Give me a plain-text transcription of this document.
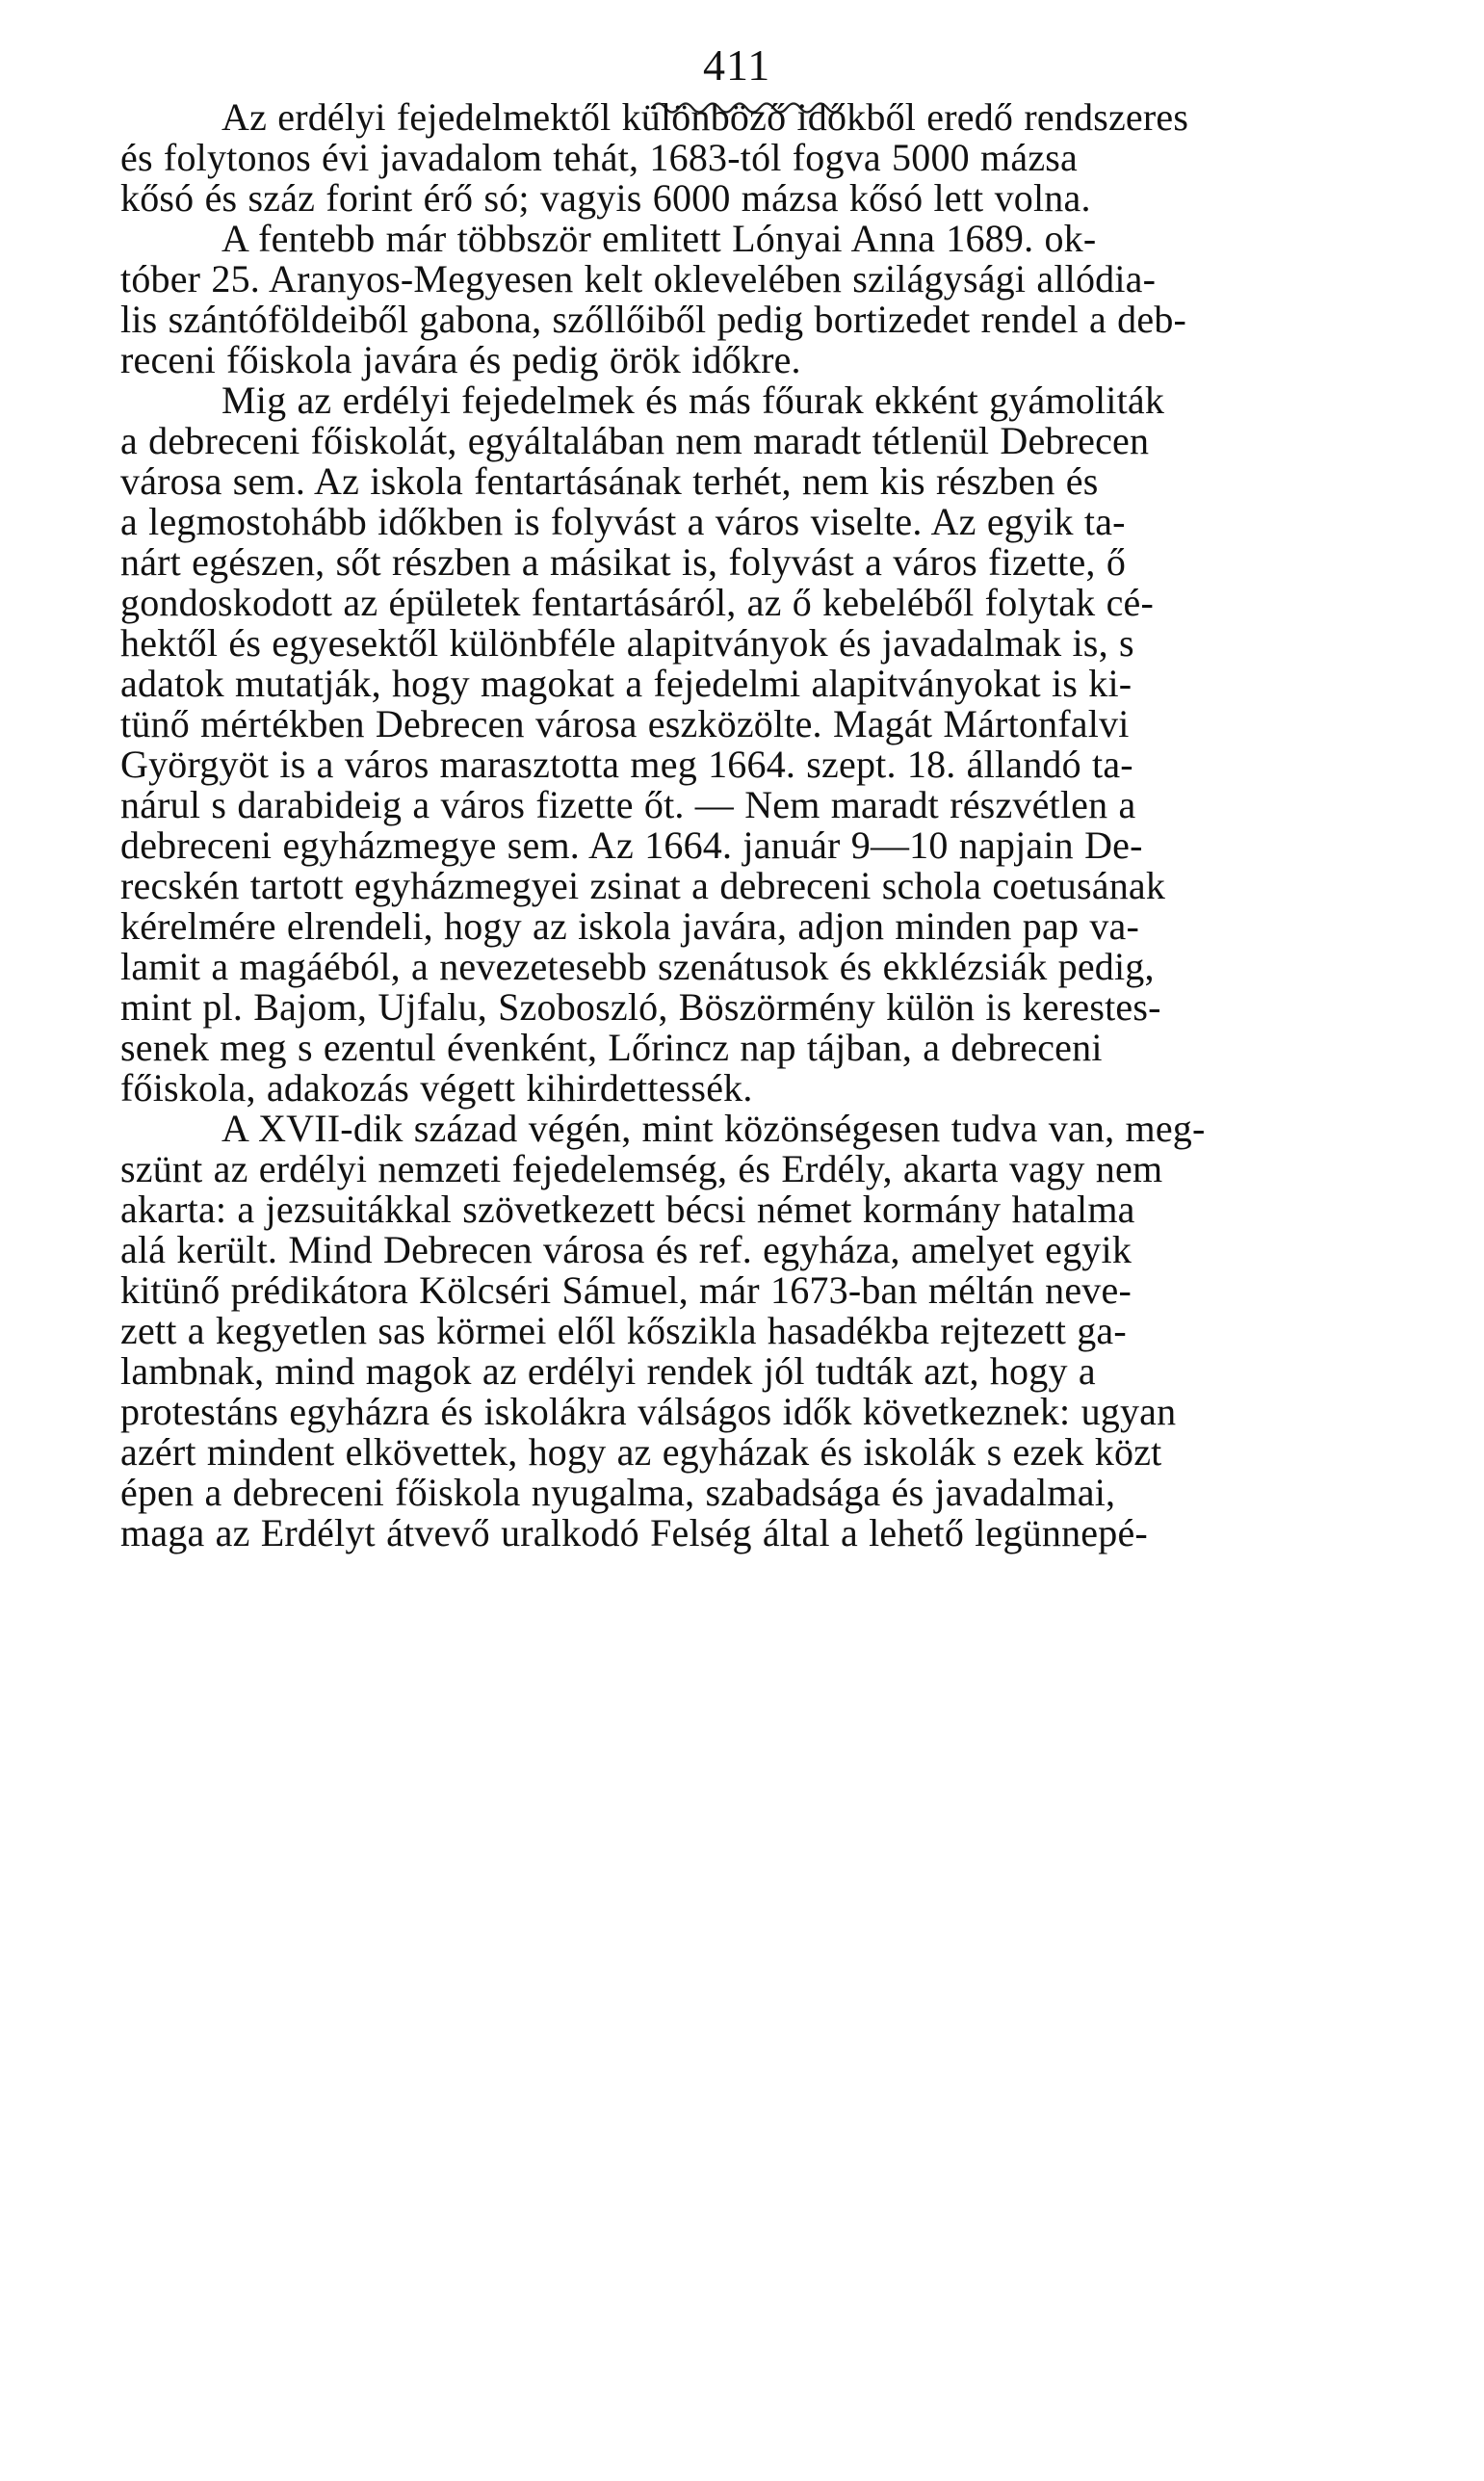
411
Az erdélyi fejedelmektől különböző időkből eredő rendszeres
és folytonos évi javadalom tehát, 1683-tól fogva 5000 mázsa
kősó és száz forint érő só; vagyis 6000 mázsa kősó lett volna.
A fentebb már többször emlitett Lónyai Anna 1689. ok-
tóber 25. Aranyos-Megyesen kelt oklevelében szilágysági allódia-
lis szántóföldeiből gabona, szőllőiből pedig bortizedet rendel a deb-
receni főiskola javára és pedig örök időkre.
Mig az erdélyi fejedelmek és más főurak ekként gyámoliták
a debreceni főiskolát, egyáltalában nem maradt tétlenül Debrecen
városa sem. Az iskola fentartásának terhét, nem kis részben és
a legmostohább időkben is folyvást a város viselte. Az egyik ta-
nárt egészen, sőt részben a másikat is, folyvást a város fizette, ő
gondoskodott az épületek fentartásáról, az ő kebeléből folytak cé-
hektől és egyesektől különbféle alapitványok és javadalmak is, s
adatok mutatják, hogy magokat a fejedelmi alapitványokat is ki-
tünő mértékben Debrecen városa eszközölte. Magát Mártonfalvi
Györgyöt is a város marasztotta meg 1664. szept. 18. állandó ta-
nárul s darabideig a város fizette őt. — Nem maradt részvétlen a
debreceni egyházmegye sem. Az 1664. január 9—10 napjain De-
recskén tartott egyházmegyei zsinat a debreceni schola coetusának
kérelmére elrendeli, hogy az iskola javára, adjon minden pap va-
lamit a magáéból, a nevezetesebb szenátusok és ekklézsiák pedig,
mint pl. Bajom, Ujfalu, Szoboszló, Böszörmény külön is kerestes-
senek meg s ezentul évenként, Lőrincz nap tájban, a debreceni
főiskola, adakozás végett kihirdettessék.
A XVII-dik század végén, mint közönségesen tudva van, meg-
szünt az erdélyi nemzeti fejedelemség, és Erdély, akarta vagy nem
akarta: a jezsuitákkal szövetkezett bécsi német kormány hatalma
alá került. Mind Debrecen városa és ref. egyháza, amelyet egyik
kitünő prédikátora Kölcséri Sámuel, már 1673-ban méltán neve-
zett a kegyetlen sas körmei elől kőszikla hasadékba rejtezett ga-
lambnak, mind magok az erdélyi rendek jól tudták azt, hogy a
protestáns egyházra és iskolákra válságos idők következnek: ugyan
azért mindent elkövettek, hogy az egyházak és iskolák s ezek közt
épen a debreceni főiskola nyugalma, szabadsága és javadalmai,
maga az Erdélyt átvevő uralkodó Felség által a lehető legünnepé-
